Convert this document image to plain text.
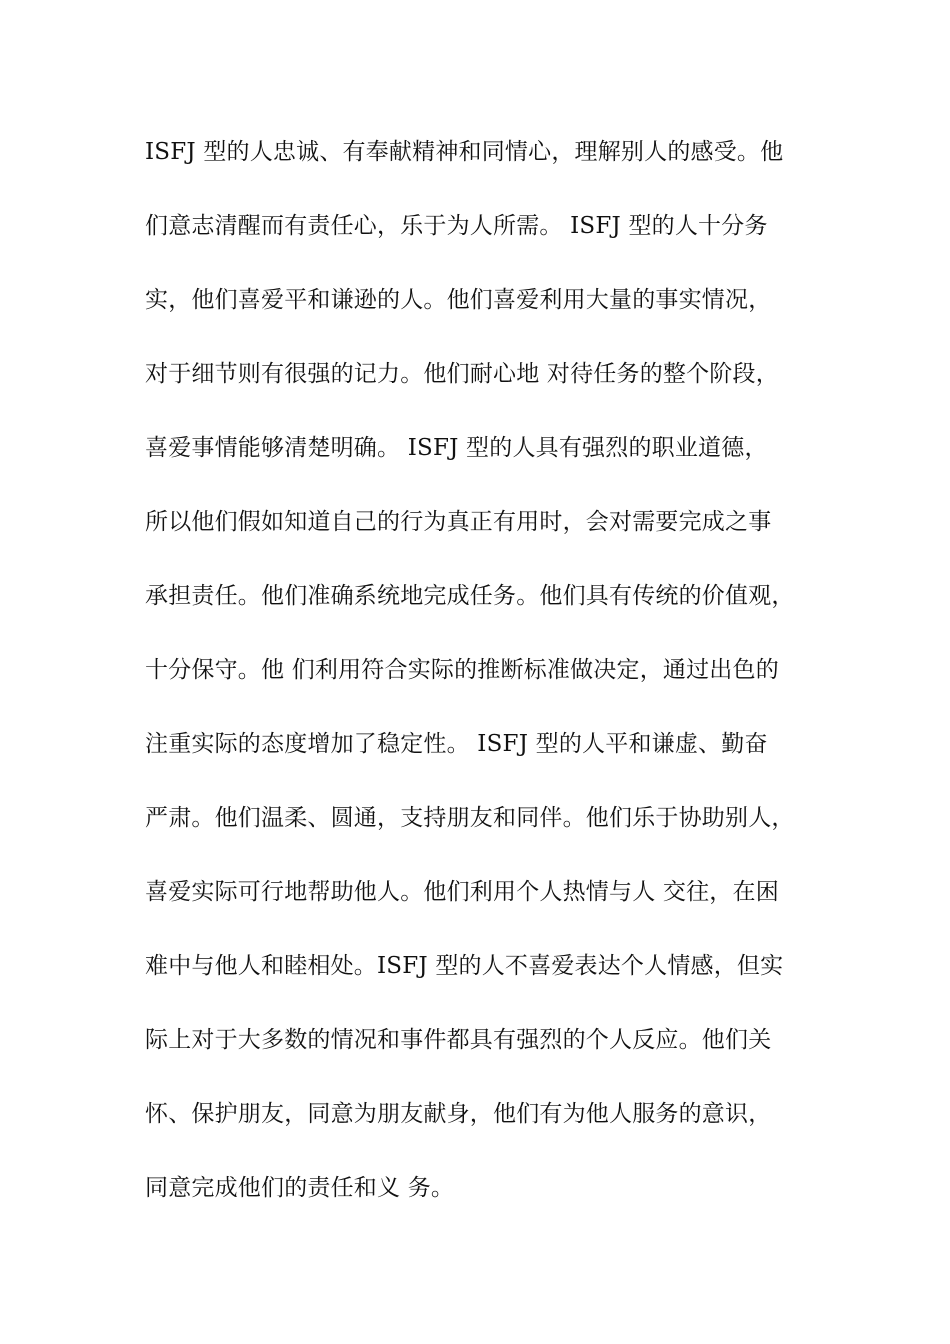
ISFJ 型的人忠诚、有奉献精神和同情心，理解别人的感受。他
们意志清醒而有责任心，乐于为人所需。 ISFJ 型的人十分务
实，他们喜爱平和谦逊的人。他们喜爱利用大量的事实情况，
对于细节则有很强的记力。他们耐心地 对待任务的整个阶段，
喜爱事情能够清楚明确。 ISFJ 型的人具有强烈的职业道德，
所以他们假如知道自己的行为真正有用时，会对需要完成之事
承担责任。他们准确系统地完成任务。他们具有传统的价值观，
十分保守。他 们利用符合实际的推断标准做决定，通过出色的
注重实际的态度增加了稳定性。 ISFJ 型的人平和谦虚、勤奋
严肃。他们温柔、圆通，支持朋友和同伴。他们乐于协助别人，
喜爱实际可行地帮助他人。他们利用个人热情与人 交往，在困
难中与他人和睦相处。ISFJ 型的人不喜爱表达个人情感，但实
际上对于大多数的情况和事件都具有强烈的个人反应。他们关
怀、保护朋友，同意为朋友献身，他们有为他人服务的意识，
同意完成他们的责任和义 务。
